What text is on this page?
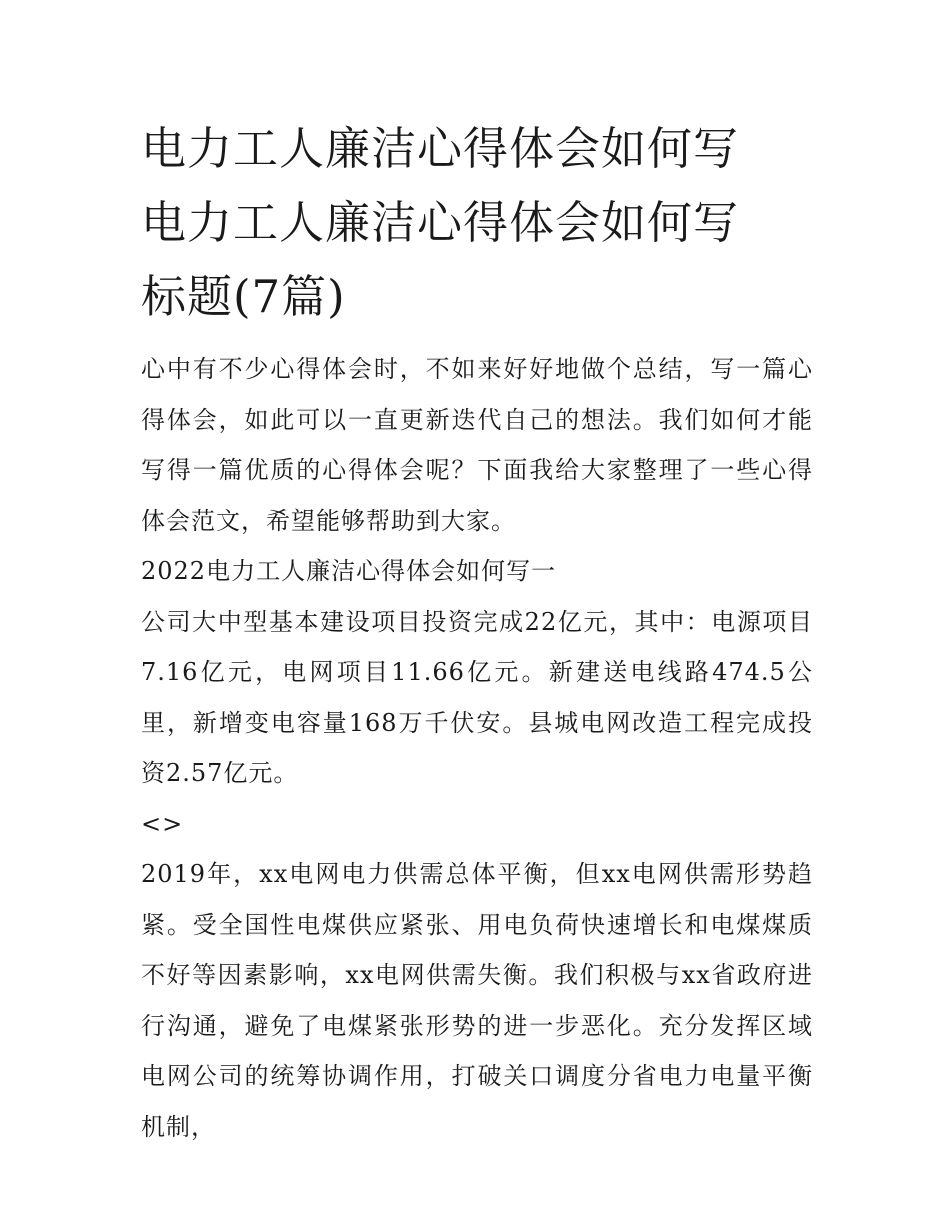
电力工人廉洁心得体会如何写
电力工人廉洁心得体会如何写
标题(7篇)

心中有不少心得体会时，不如来好好地做个总结，写一篇心得体会，如此可以一直更新迭代自己的想法。我们如何才能写得一篇优质的心得体会呢？下面我给大家整理了一些心得体会范文，希望能够帮助到大家。

2022电力工人廉洁心得体会如何写一

公司大中型基本建设项目投资完成22亿元，其中：电源项目7.16亿元，电网项目11.66亿元。新建送电线路474.5公里，新增变电容量168万千伏安。县城电网改造工程完成投资2.57亿元。

<>

2019年，xx电网电力供需总体平衡，但xx电网供需形势趋紧。受全国性电煤供应紧张、用电负荷快速增长和电煤煤质不好等因素影响，xx电网供需失衡。我们积极与xx省政府进行沟通，避免了电煤紧张形势的进一步恶化。充分发挥区域电网公司的统筹协调作用，打破关口调度分省电力电量平衡机制，
